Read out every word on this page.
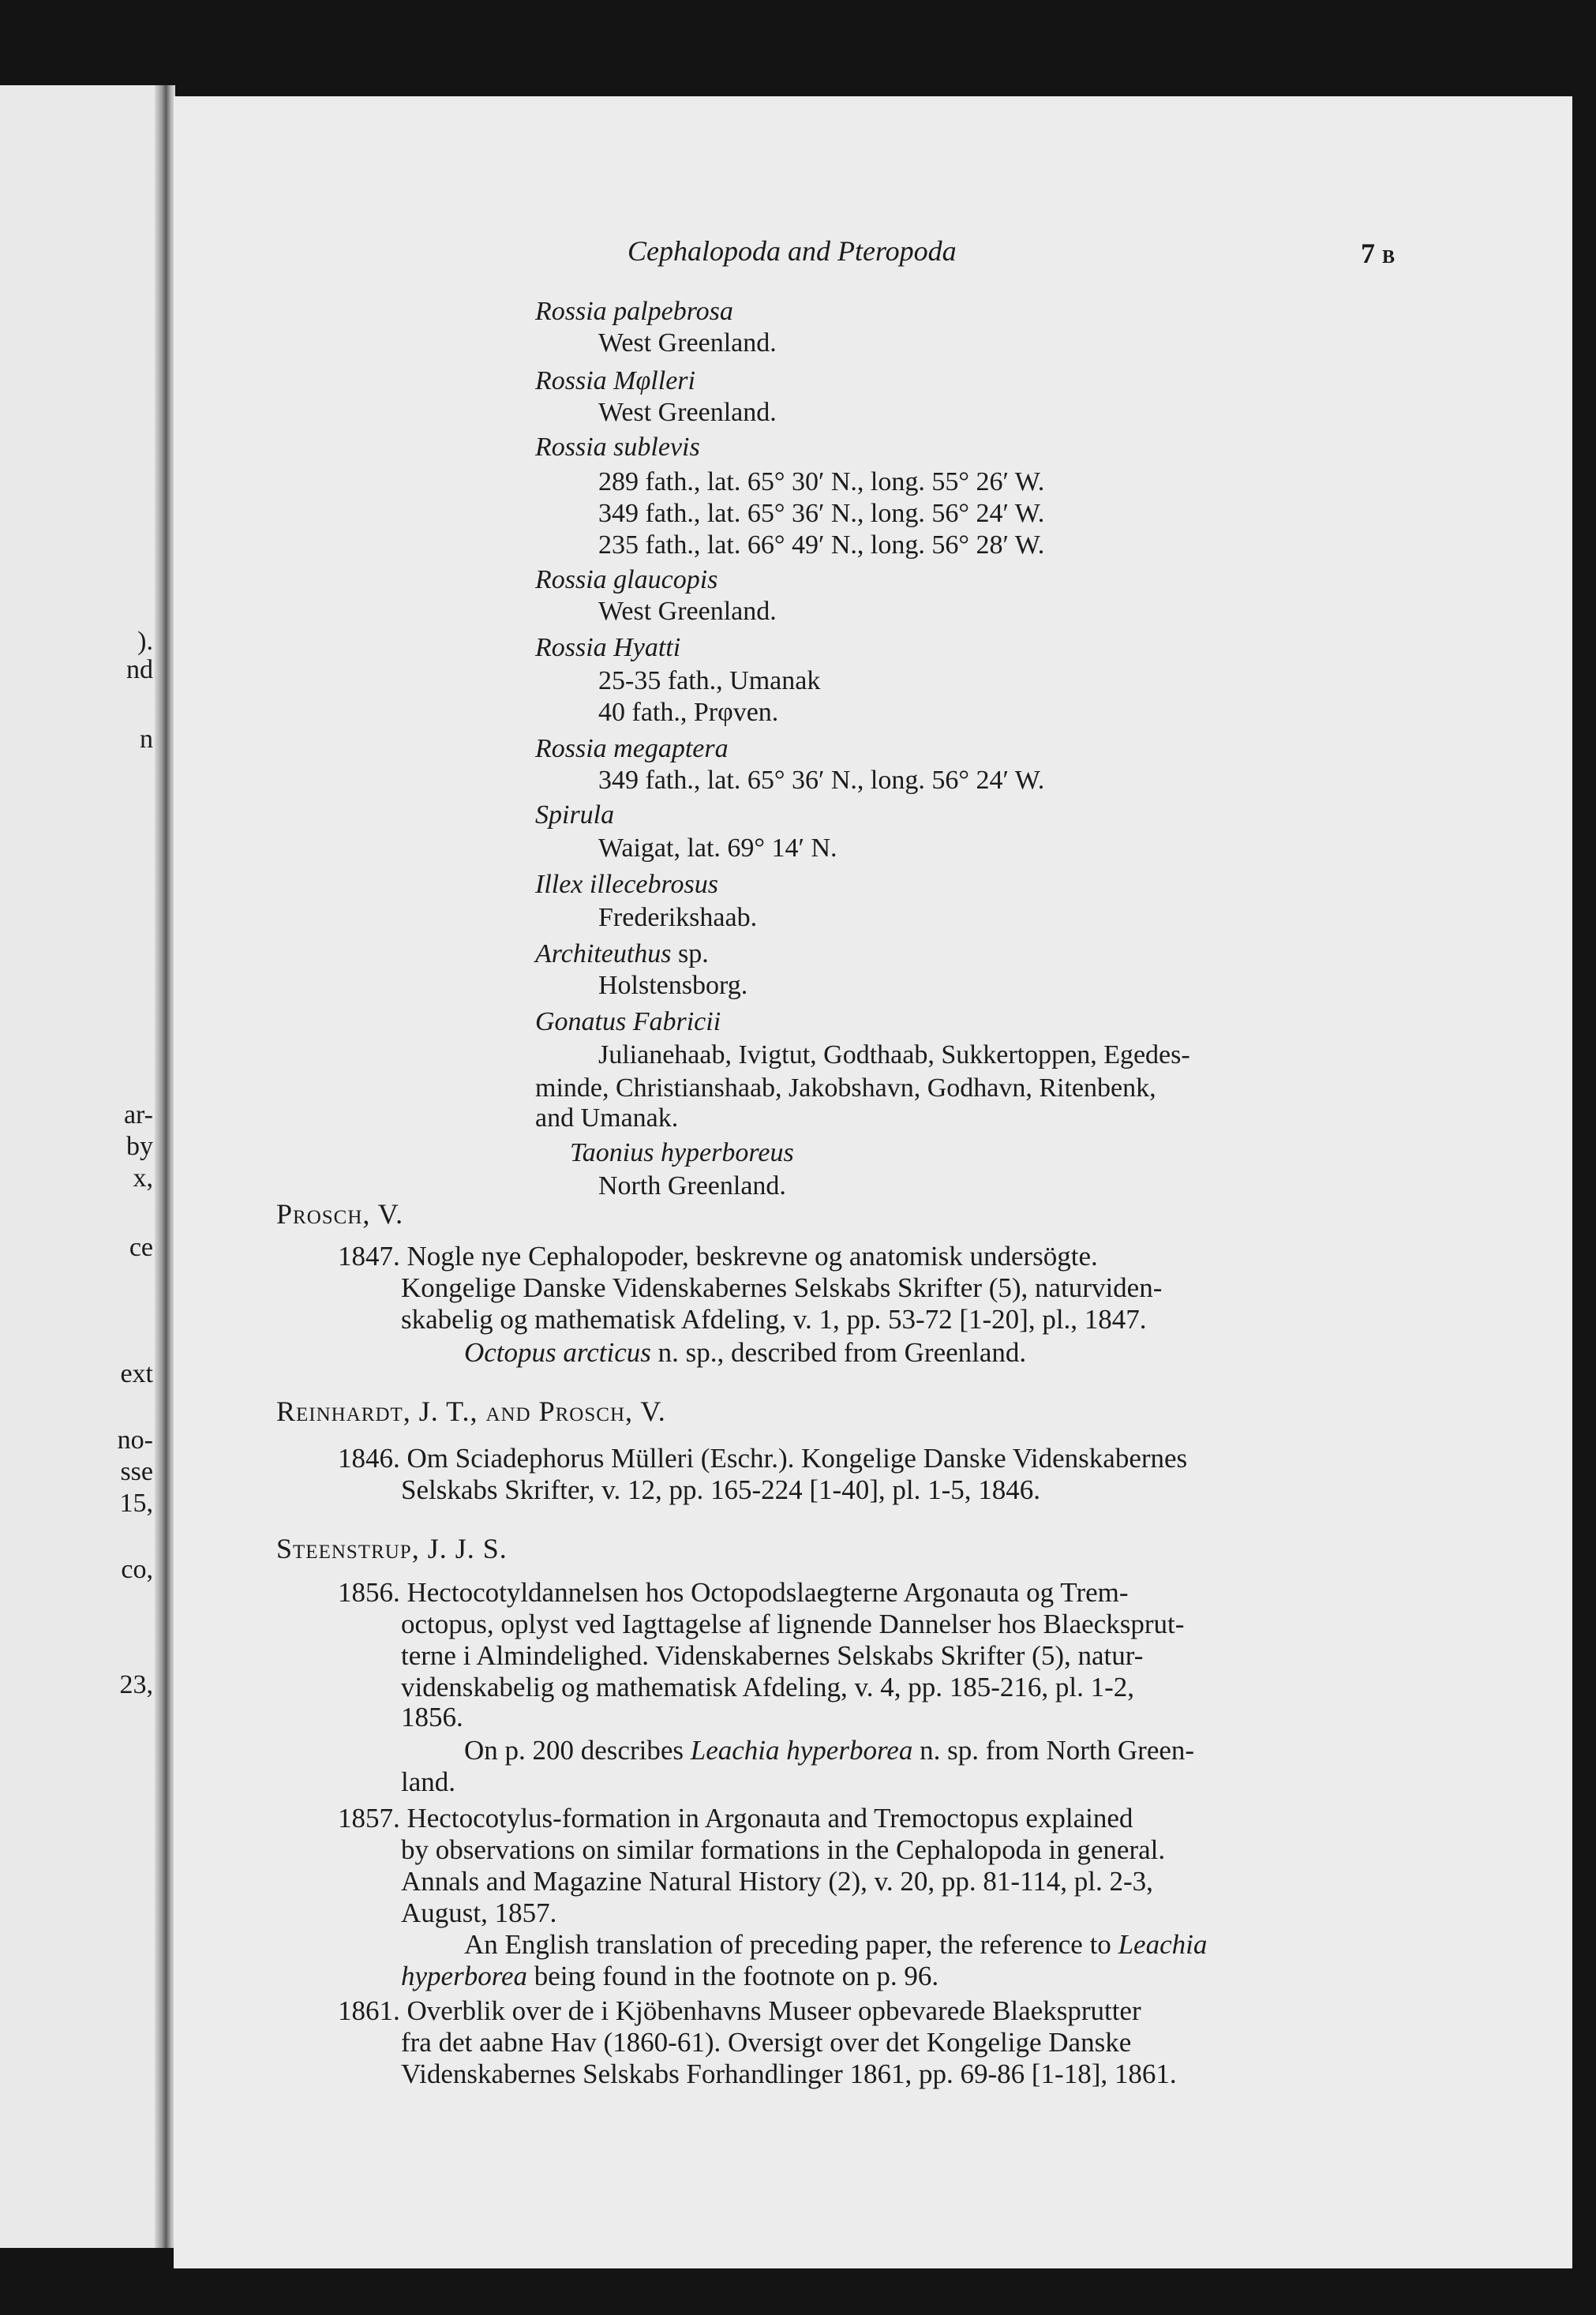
).
nd
n
ar-
by
x,
ce
ext
no-
sse
15,
co,
23,
Cephalopoda and Pteropoda	7 B
Rossia palpebrosa
West Greenland.
Rossia Mφlleri
West Greenland.
Rossia sublevis
289 fath., lat. 65° 30′ N., long. 55° 26′ W.
349 fath., lat. 65° 36′ N., long. 56° 24′ W.
235 fath., lat. 66° 49′ N., long. 56° 28′ W.
Rossia glaucopis
West Greenland.
Rossia Hyatti
25-35 fath., Umanak
40 fath., Prφven.
Rossia megaptera
349 fath., lat. 65° 36′ N., long. 56° 24′ W.
Spirula
Waigat, lat. 69° 14′ N.
Illex illecebrosus
Frederikshaab.
Architeuthus sp.
Holstensborg.
Gonatus Fabricii
Julianehaab, Ivigtut, Godthaab, Sukkertoppen, Egedes-
minde, Christianshaab, Jakobshavn, Godhavn, Ritenbenk,
and Umanak.
Taonius hyperboreus
North Greenland.
Prosch, V.
1847. Nogle nye Cephalopoder, beskrevne og anatomisk undersögte.
Kongelige Danske Videnskabernes Selskabs Skrifter (5), naturviden-
skabelig og mathematisk Afdeling, v. 1, pp. 53-72 [1-20], pl., 1847.
Octopus arcticus n. sp., described from Greenland.
Reinhardt, J. T., and Prosch, V.
1846. Om Sciadephorus Mülleri (Eschr.). Kongelige Danske Videnskabernes
Selskabs Skrifter, v. 12, pp. 165-224 [1-40], pl. 1-5, 1846.
Steenstrup, J. J. S.
1856. Hectocotyldannelsen hos Octopodslaegterne Argonauta og Trem-
octopus, oplyst ved Iagttagelse af lignende Dannelser hos Blaecksprut-
terne i Almindelighed. Videnskabernes Selskabs Skrifter (5), natur-
videnskabelig og mathematisk Afdeling, v. 4, pp. 185-216, pl. 1-2,
1856.
On p. 200 describes Leachia hyperborea n. sp. from North Green-
land.
1857. Hectocotylus-formation in Argonauta and Tremoctopus explained
by observations on similar formations in the Cephalopoda in general.
Annals and Magazine Natural History (2), v. 20, pp. 81-114, pl. 2-3,
August, 1857.
An English translation of preceding paper, the reference to Leachia
hyperborea being found in the footnote on p. 96.
1861. Overblik over de i Kjöbenhavns Museer opbevarede Blaeksprutter
fra det aabne Hav (1860-61). Oversigt over det Kongelige Danske
Videnskabernes Selskabs Forhandlinger 1861, pp. 69-86 [1-18], 1861.
